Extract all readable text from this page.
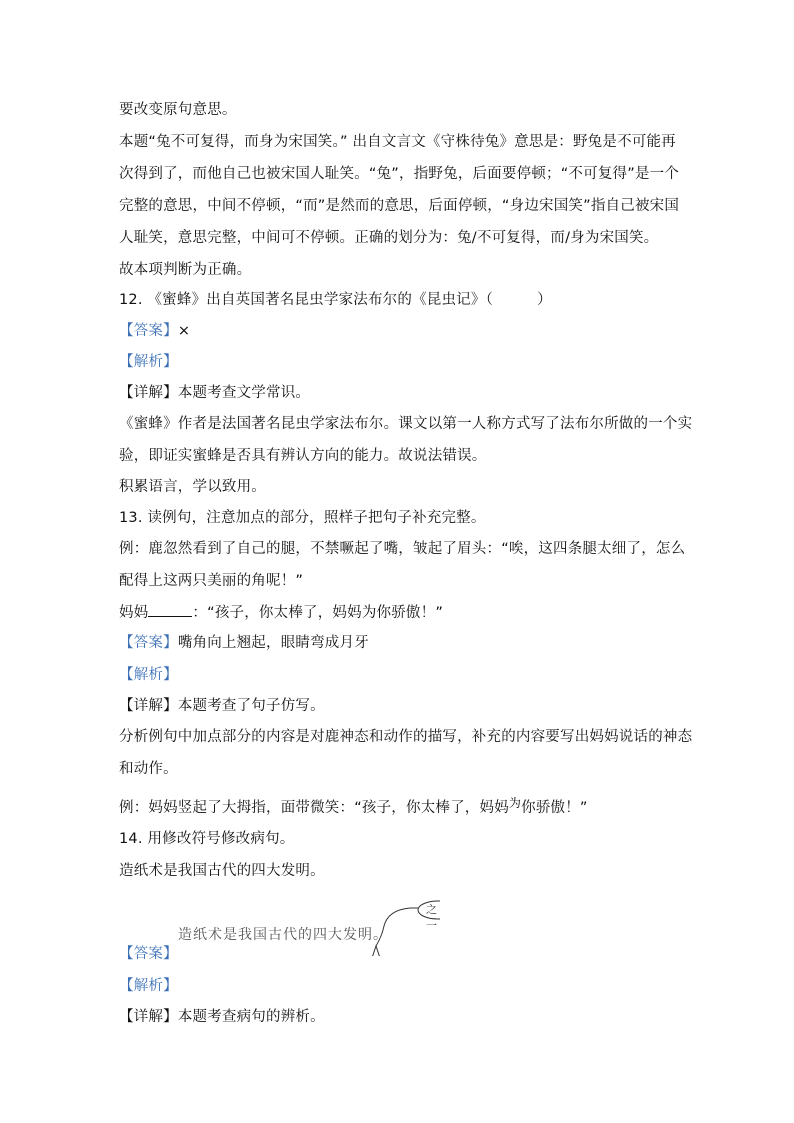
要改变原句意思。
本题“兔不可复得，而身为宋国笑。” 出自文言文《守株待兔》意思是：野兔是不可能再
次得到了，而他自己也被宋国人耻笑。“兔”，指野兔，后面要停顿；“不可复得”是一个
完整的意思，中间不停顿，“而”是然而的意思，后面停顿，“身边宋国笑”指自己被宋国
人耻笑，意思完整，中间可不停顿。正确的划分为：兔/不可复得，而/身为宋国笑。
故本项判断为正确。
12. 《蜜蜂》出自英国著名昆虫学家法布尔的《昆虫记》（　　　）
【答案】×
【解析】
【详解】本题考查文学常识。
《蜜蜂》作者是法国著名昆虫学家法布尔。课文以第一人称方式写了法布尔所做的一个实
验，即证实蜜蜂是否具有辨认方向的能力。故说法错误。
积累语言，学以致用。
13. 读例句，注意加点的部分，照样子把句子补充完整。
例：鹿忽然看到了自己的腿，不禁噘起了嘴，皱起了眉头：“唉，这四条腿太细了，怎么
配得上这两只美丽的角呢！”
妈妈	：“孩子，你太棒了，妈妈为你骄傲！”
【答案】嘴角向上翘起，眼睛弯成月牙
【解析】
【详解】本题考查了句子仿写。
分析例句中加点部分的内容是对鹿神态和动作的描写，补充的内容要写出妈妈说话的神态
和动作。
例：妈妈竖起了大拇指，面带微笑：“孩子，你太棒了，妈妈$^为$你骄傲！”
14. 用修改符号修改病句。
造纸术是我国古代的四大发明。
造纸术是我国古代的四大发明。
之一
【答案】
【解析】
【详解】本题考查病句的辨析。
